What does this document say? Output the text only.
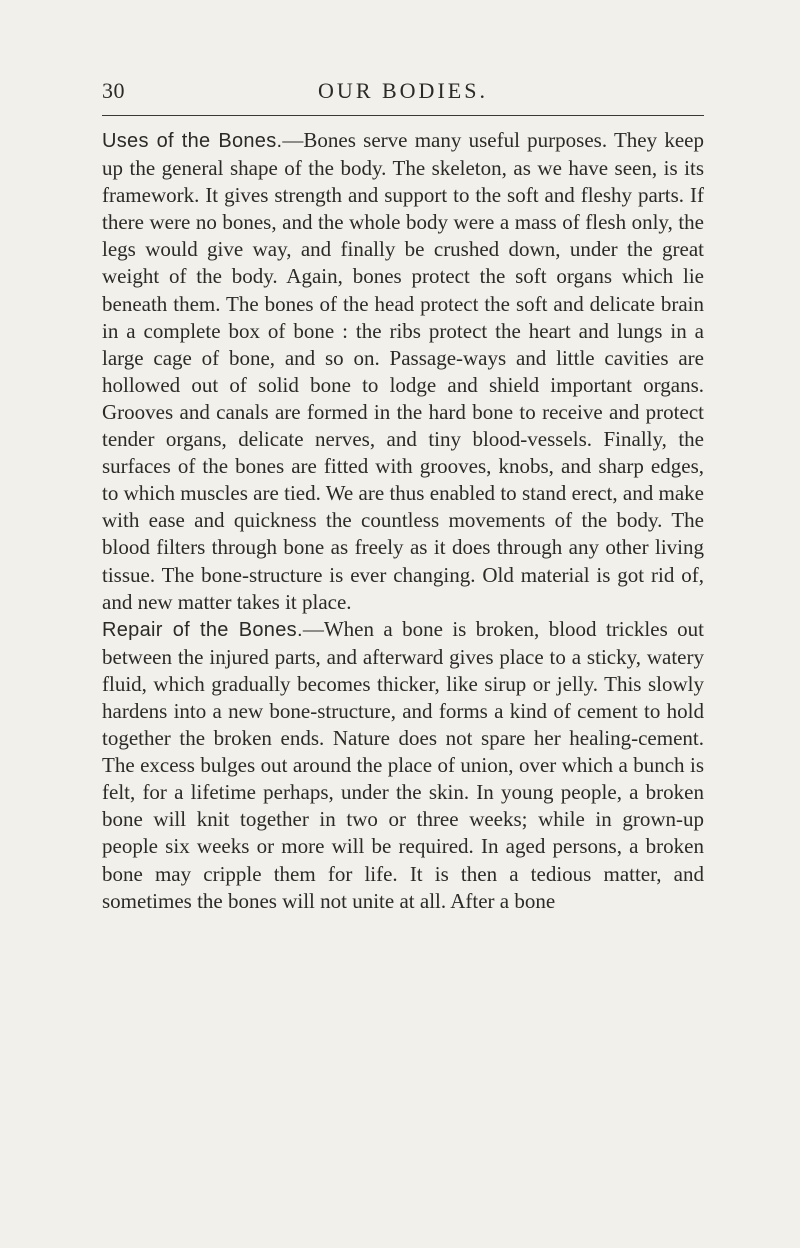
30	OUR BODIES.

Uses of the Bones.—Bones serve many useful purposes. They keep up the general shape of the body. The skeleton, as we have seen, is its framework. It gives strength and support to the soft and fleshy parts. If there were no bones, and the whole body were a mass of flesh only, the legs would give way, and finally be crushed down, under the great weight of the body. Again, bones protect the soft organs which lie beneath them. The bones of the head protect the soft and delicate brain in a complete box of bone : the ribs protect the heart and lungs in a large cage of bone, and so on. Passage-ways and little cavities are hollowed out of solid bone to lodge and shield important organs. Grooves and canals are formed in the hard bone to receive and protect tender organs, delicate nerves, and tiny blood-vessels. Finally, the surfaces of the bones are fitted with grooves, knobs, and sharp edges, to which muscles are tied. We are thus enabled to stand erect, and make with ease and quickness the countless movements of the body. The blood filters through bone as freely as it does through any other living tissue. The bone-structure is ever changing. Old material is got rid of, and new matter takes it place.

Repair of the Bones.—When a bone is broken, blood trickles out between the injured parts, and afterward gives place to a sticky, watery fluid, which gradually becomes thicker, like sirup or jelly. This slowly hardens into a new bone-structure, and forms a kind of cement to hold together the broken ends. Nature does not spare her healing-cement. The excess bulges out around the place of union, over which a bunch is felt, for a lifetime perhaps, under the skin. In young people, a broken bone will knit together in two or three weeks; while in grown-up people six weeks or more will be required. In aged persons, a broken bone may cripple them for life. It is then a tedious matter, and sometimes the bones will not unite at all. After a bone
